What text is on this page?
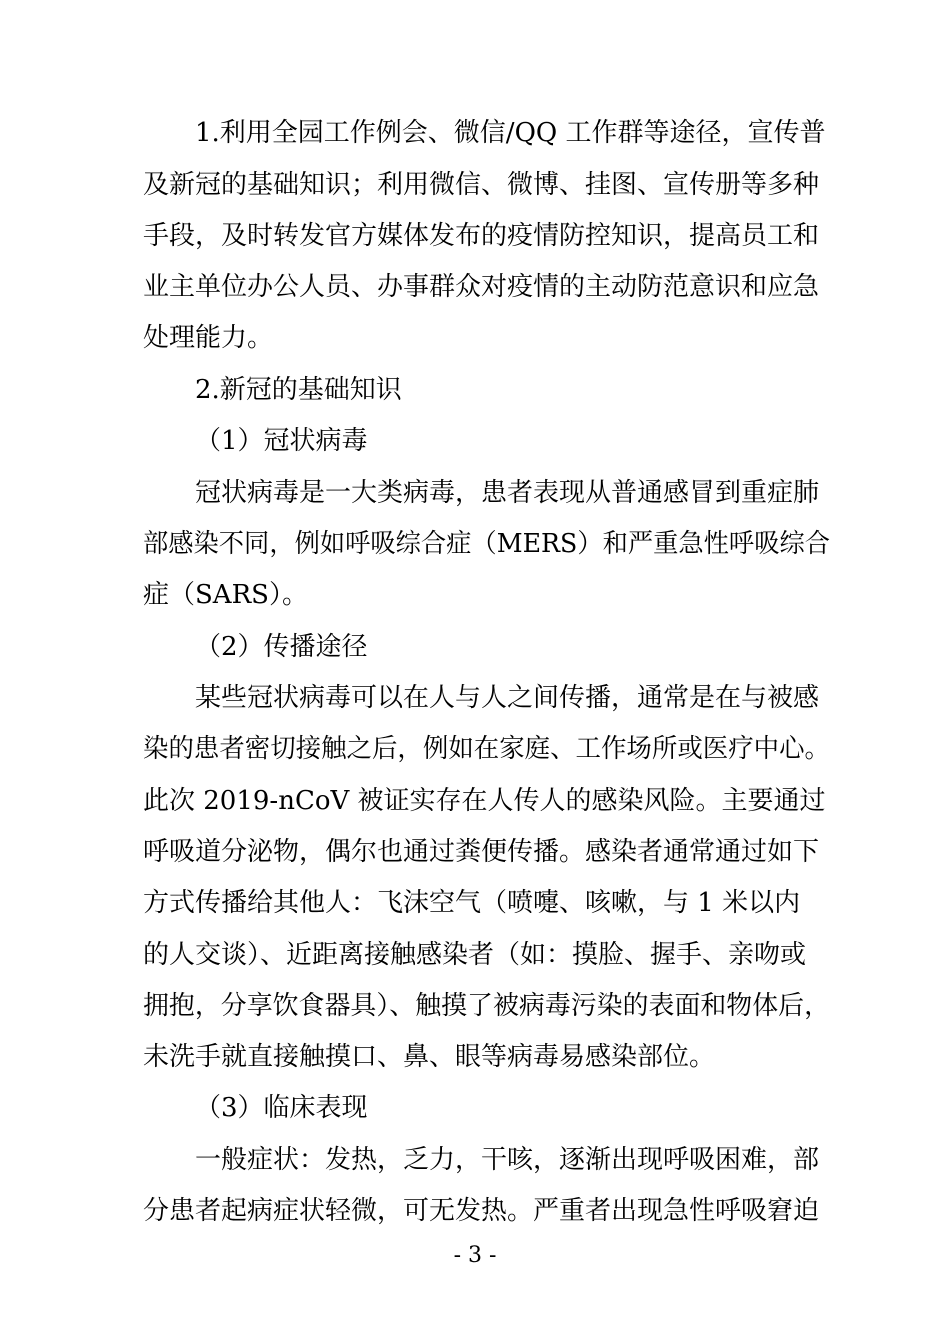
1.利用全园工作例会、微信/QQ 工作群等途径，宣传普
及新冠的基础知识；利用微信、微博、挂图、宣传册等多种
手段，及时转发官方媒体发布的疫情防控知识，提高员工和
业主单位办公人员、办事群众对疫情的主动防范意识和应急
处理能力。
2.新冠的基础知识
（1）冠状病毒
冠状病毒是一大类病毒，患者表现从普通感冒到重症肺
部感染不同，例如呼吸综合症（MERS）和严重急性呼吸综合
症（SARS）。
（2）传播途径
某些冠状病毒可以在人与人之间传播，通常是在与被感
染的患者密切接触之后，例如在家庭、工作场所或医疗中心。
此次 2019-nCoV 被证实存在人传人的感染风险。主要通过
呼吸道分泌物，偶尔也通过粪便传播。感染者通常通过如下
方式传播给其他人：飞沫空气（喷嚏、咳嗽，与 1 米以内
的人交谈）、近距离接触感染者（如：摸脸、握手、亲吻或
拥抱，分享饮食器具）、触摸了被病毒污染的表面和物体后，
未洗手就直接触摸口、鼻、眼等病毒易感染部位。
（3）临床表现
一般症状：发热，乏力，干咳，逐渐出现呼吸困难，部
分患者起病症状轻微，可无发热。严重者出现急性呼吸窘迫
- 3 -
